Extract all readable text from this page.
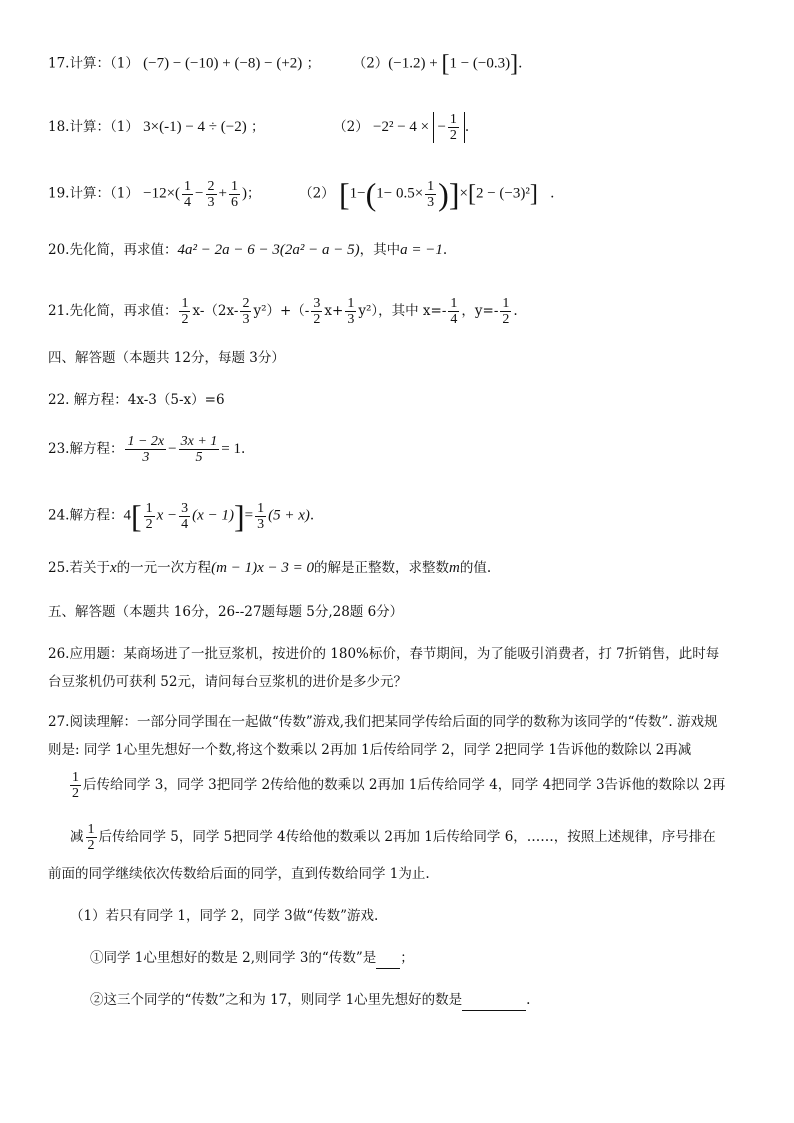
17.计算：（1） (−7) − (−10) + (−8) − (+2) ； （2）(−1.2) + [1 − (−0.3)].
18.计算：（1） 3×(-1) − 4 ÷ (−2) ；	（2） −2² − 4 × − $\frac{1}{2}$ .
19.计算：$(1) -12\times( \frac{1}{4} - \frac{2}{3} + \frac{1}{6}$ )；	（2） $[1-(1- 0.5\times \frac{1}{3} )]\times[2 - (-3)^2]$ .
20.先化简，再求值：4a² − 2a − 6 − 3(2a² − a − 5)，其中a = −1.
21.先化简，再求值： $\frac{1}{2} x-(2x- \frac{2}{3} y^2)+(- \frac{3}{2} x+ \frac{1}{3} y^2)$，其中 $x=- \frac{1}{4}$ ，$y=- \frac{1}{2}$ .
四、解答题（本题共 12分，每题 3分）
22. 解方程：4x-3（5-x）=6
23.解方程： $\frac{1 - 2x}{3} - \frac{3x + 1}{5} = 1$.
24.解方程：$4[ \frac{1}{2}$ $x - \frac{3}{4} (x - 1)]= \frac{1}{3} (5 + x)$.
25.若关于x的一元一次方程(m − 1)x − 3 = 0的解是正整数，求整数m的值.
五、解答题（本题共 16分，26--27题每题 5分,28题 6分）
26.应用题：某商场进了一批豆浆机，按进价的 180%标价，春节期间，为了能吸引消费者，打 7折销售，此时每
台豆浆机仍可获利 52元，请问每台豆浆机的进价是多少元？
27.阅读理解：一部分同学围在一起做“传数”游戏,我们把某同学传给后面的同学的数称为该同学的“传数”. 游戏规
则是: 同学 1心里先想好一个数,将这个数乘以 2再加 1后传给同学 2，同学 2把同学 1告诉他的数除以 2再减
$\frac{1}{2}$ 后传给同学 3，同学 3把同学 2传给他的数乘以 2再加 1后传给同学 4，同学 4把同学 3告诉他的数除以 2再
减 $\frac{1}{2}$ 后传给同学 5，同学 5把同学 4传给他的数乘以 2再加 1后传给同学 6，……，按照上述规律，序号排在
前面的同学继续依次传数给后面的同学，直到传数给同学 1为止.
（1）若只有同学 1，同学 2，同学 3做“传数”游戏.
①同学 1心里想好的数是 2,则同学 3的“传数”是 ；
②这三个同学的“传数”之和为 17，则同学 1心里先想好的数是	.
